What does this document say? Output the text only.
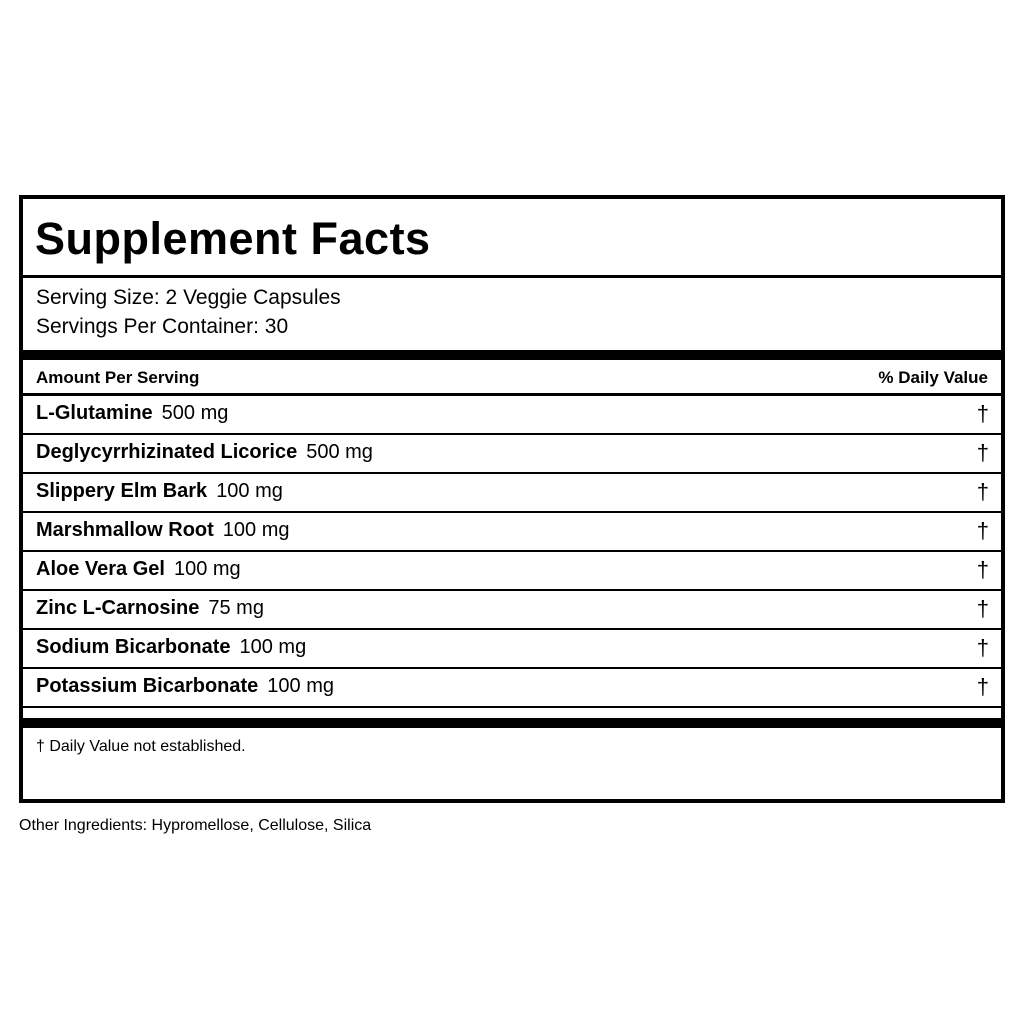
Supplement Facts
Serving Size: 2 Veggie Capsules
Servings Per Container: 30
Amount Per Serving	% Daily Value
L-Glutamine 500 mg	†
Deglycyrrhizinated Licorice 500 mg	†
Slippery Elm Bark 100 mg	†
Marshmallow Root 100 mg	†
Aloe Vera Gel 100 mg	†
Zinc L-Carnosine 75 mg	†
Sodium Bicarbonate 100 mg	†
Potassium Bicarbonate 100 mg	†
† Daily Value not established.
Other Ingredients: Hypromellose, Cellulose, Silica
